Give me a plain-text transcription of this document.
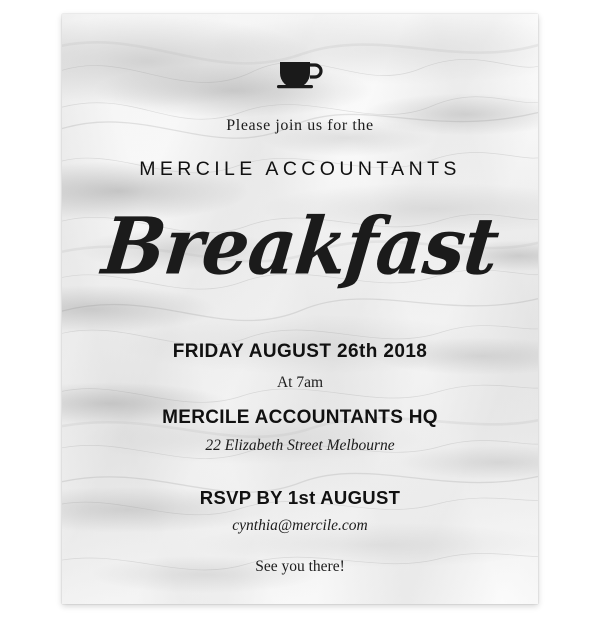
Please join us for the
MERCILE ACCOUNTANTS
Breakfast
FRIDAY AUGUST 26th 2018
At 7am
MERCILE ACCOUNTANTS HQ
22 Elizabeth Street Melbourne
RSVP BY 1st AUGUST
cynthia@mercile.com
See you there!
